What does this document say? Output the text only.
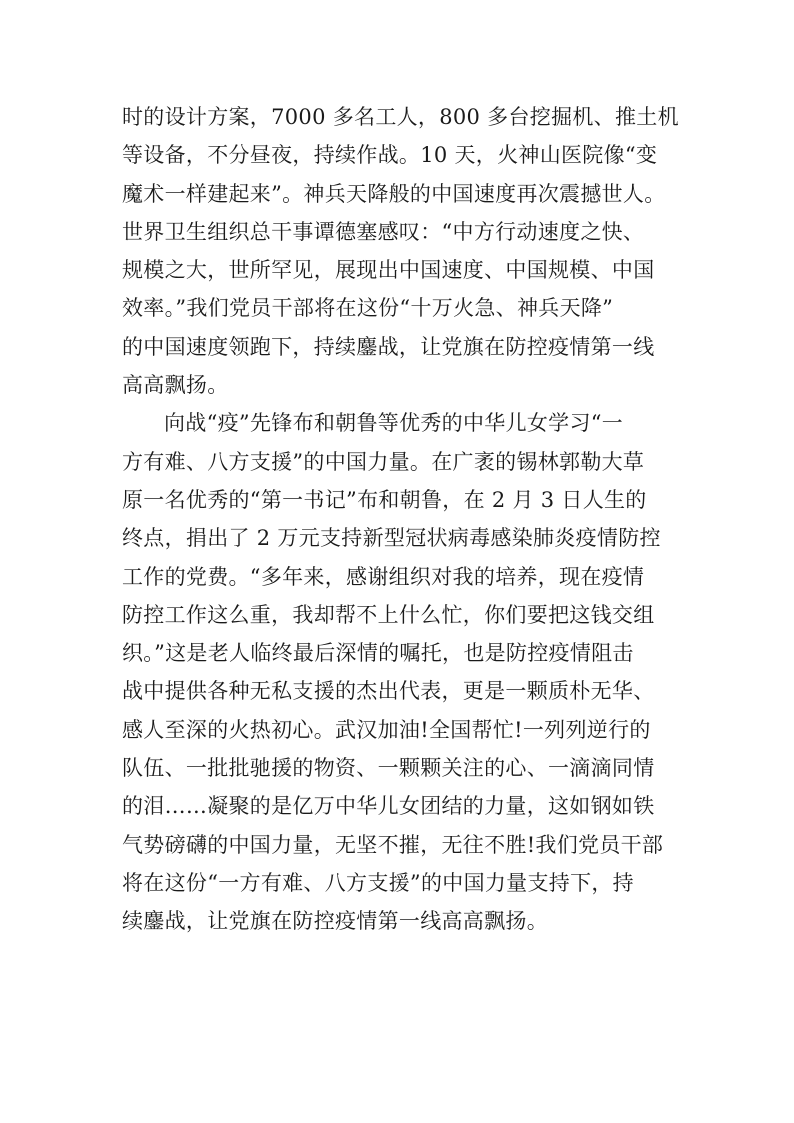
时的设计方案，7000 多名工人，800 多台挖掘机、推土机
等设备，不分昼夜，持续作战。10 天，火神山医院像“变
魔术一样建起来”。神兵天降般的中国速度再次震撼世人。
世界卫生组织总干事谭德塞感叹：“中方行动速度之快、
规模之大，世所罕见，展现出中国速度、中国规模、中国
效率。”我们党员干部将在这份“十万火急、神兵天降”
的中国速度领跑下，持续鏖战，让党旗在防控疫情第一线
高高飘扬。
向战“疫”先锋布和朝鲁等优秀的中华儿女学习“一
方有难、八方支援”的中国力量。在广袤的锡林郭勒大草
原一名优秀的“第一书记”布和朝鲁，在 2 月 3 日人生的
终点，捐出了 2 万元支持新型冠状病毒感染肺炎疫情防控
工作的党费。“多年来，感谢组织对我的培养，现在疫情
防控工作这么重，我却帮不上什么忙，你们要把这钱交组
织。”这是老人临终最后深情的嘱托，也是防控疫情阻击
战中提供各种无私支援的杰出代表，更是一颗质朴无华、
感人至深的火热初心。武汉加油!全国帮忙!一列列逆行的
队伍、一批批驰援的物资、一颗颗关注的心、一滴滴同情
的泪……凝聚的是亿万中华儿女团结的力量，这如钢如铁
气势磅礴的中国力量，无坚不摧，无往不胜!我们党员干部
将在这份“一方有难、八方支援”的中国力量支持下，持
续鏖战，让党旗在防控疫情第一线高高飘扬。
